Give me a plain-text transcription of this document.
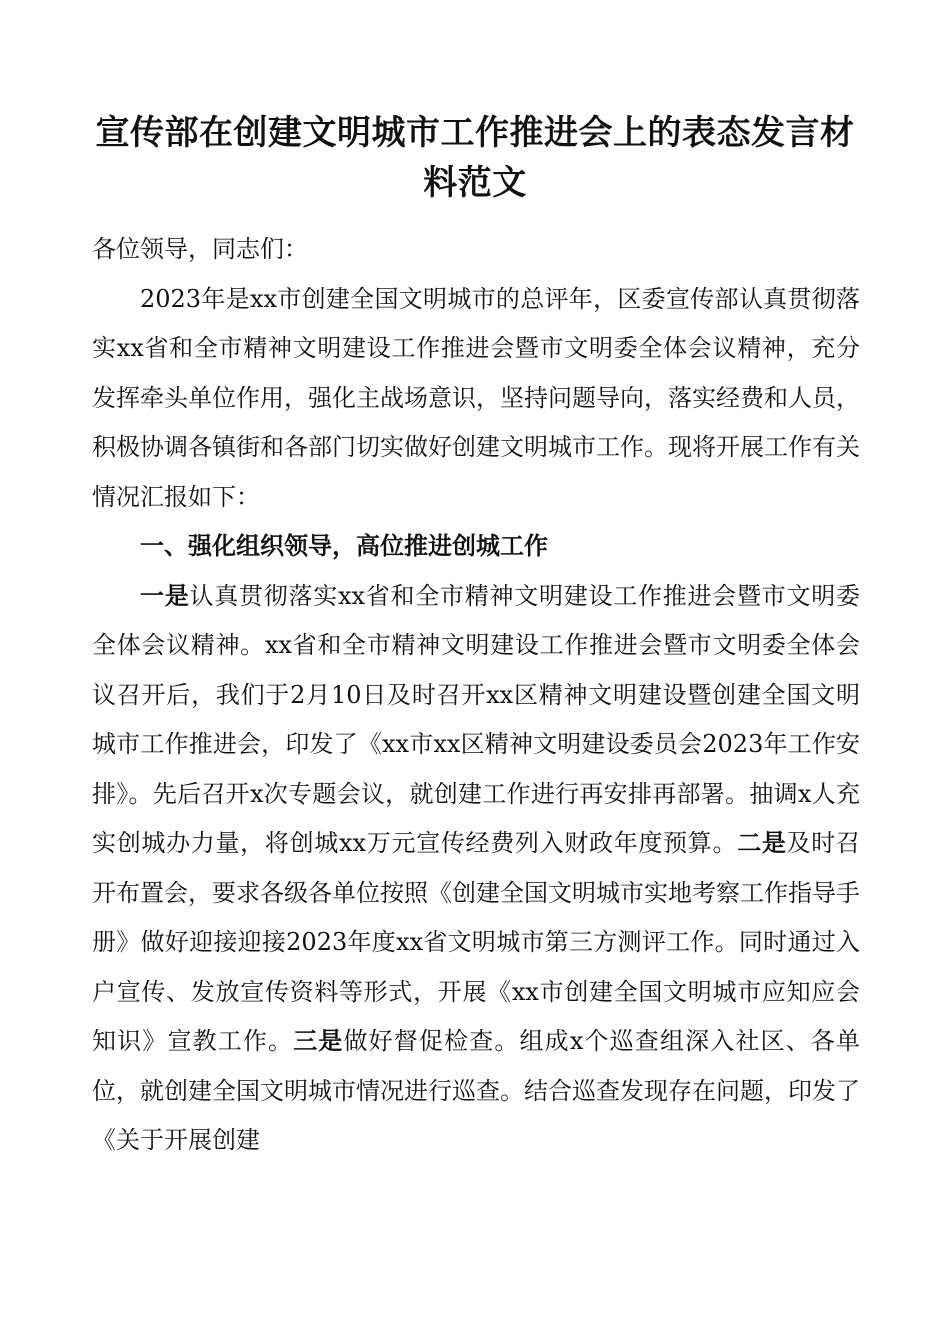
宣传部在创建文明城市工作推进会上的表态发言材料范文

各位领导，同志们：

2023年是xx市创建全国文明城市的总评年，区委宣传部认真贯彻落实xx省和全市精神文明建设工作推进会暨市文明委全体会议精神，充分发挥牵头单位作用，强化主战场意识，坚持问题导向，落实经费和人员，积极协调各镇街和各部门切实做好创建文明城市工作。现将开展工作有关情况汇报如下：

一、强化组织领导，高位推进创城工作

一是认真贯彻落实xx省和全市精神文明建设工作推进会暨市文明委全体会议精神。xx省和全市精神文明建设工作推进会暨市文明委全体会议召开后，我们于2月10日及时召开xx区精神文明建设暨创建全国文明城市工作推进会，印发了《xx市xx区精神文明建设委员会2023年工作安排》。先后召开x次专题会议，就创建工作进行再安排再部署。抽调x人充实创城办力量，将创城xx万元宣传经费列入财政年度预算。二是及时召开布置会，要求各级各单位按照《创建全国文明城市实地考察工作指导手册》做好迎接迎接2023年度xx省文明城市第三方测评工作。同时通过入户宣传、发放宣传资料等形式，开展《xx市创建全国文明城市应知应会知识》宣教工作。三是做好督促检查。组成x个巡查组深入社区、各单位，就创建全国文明城市情况进行巡查。结合巡查发现存在问题，印发了《关于开展创建
